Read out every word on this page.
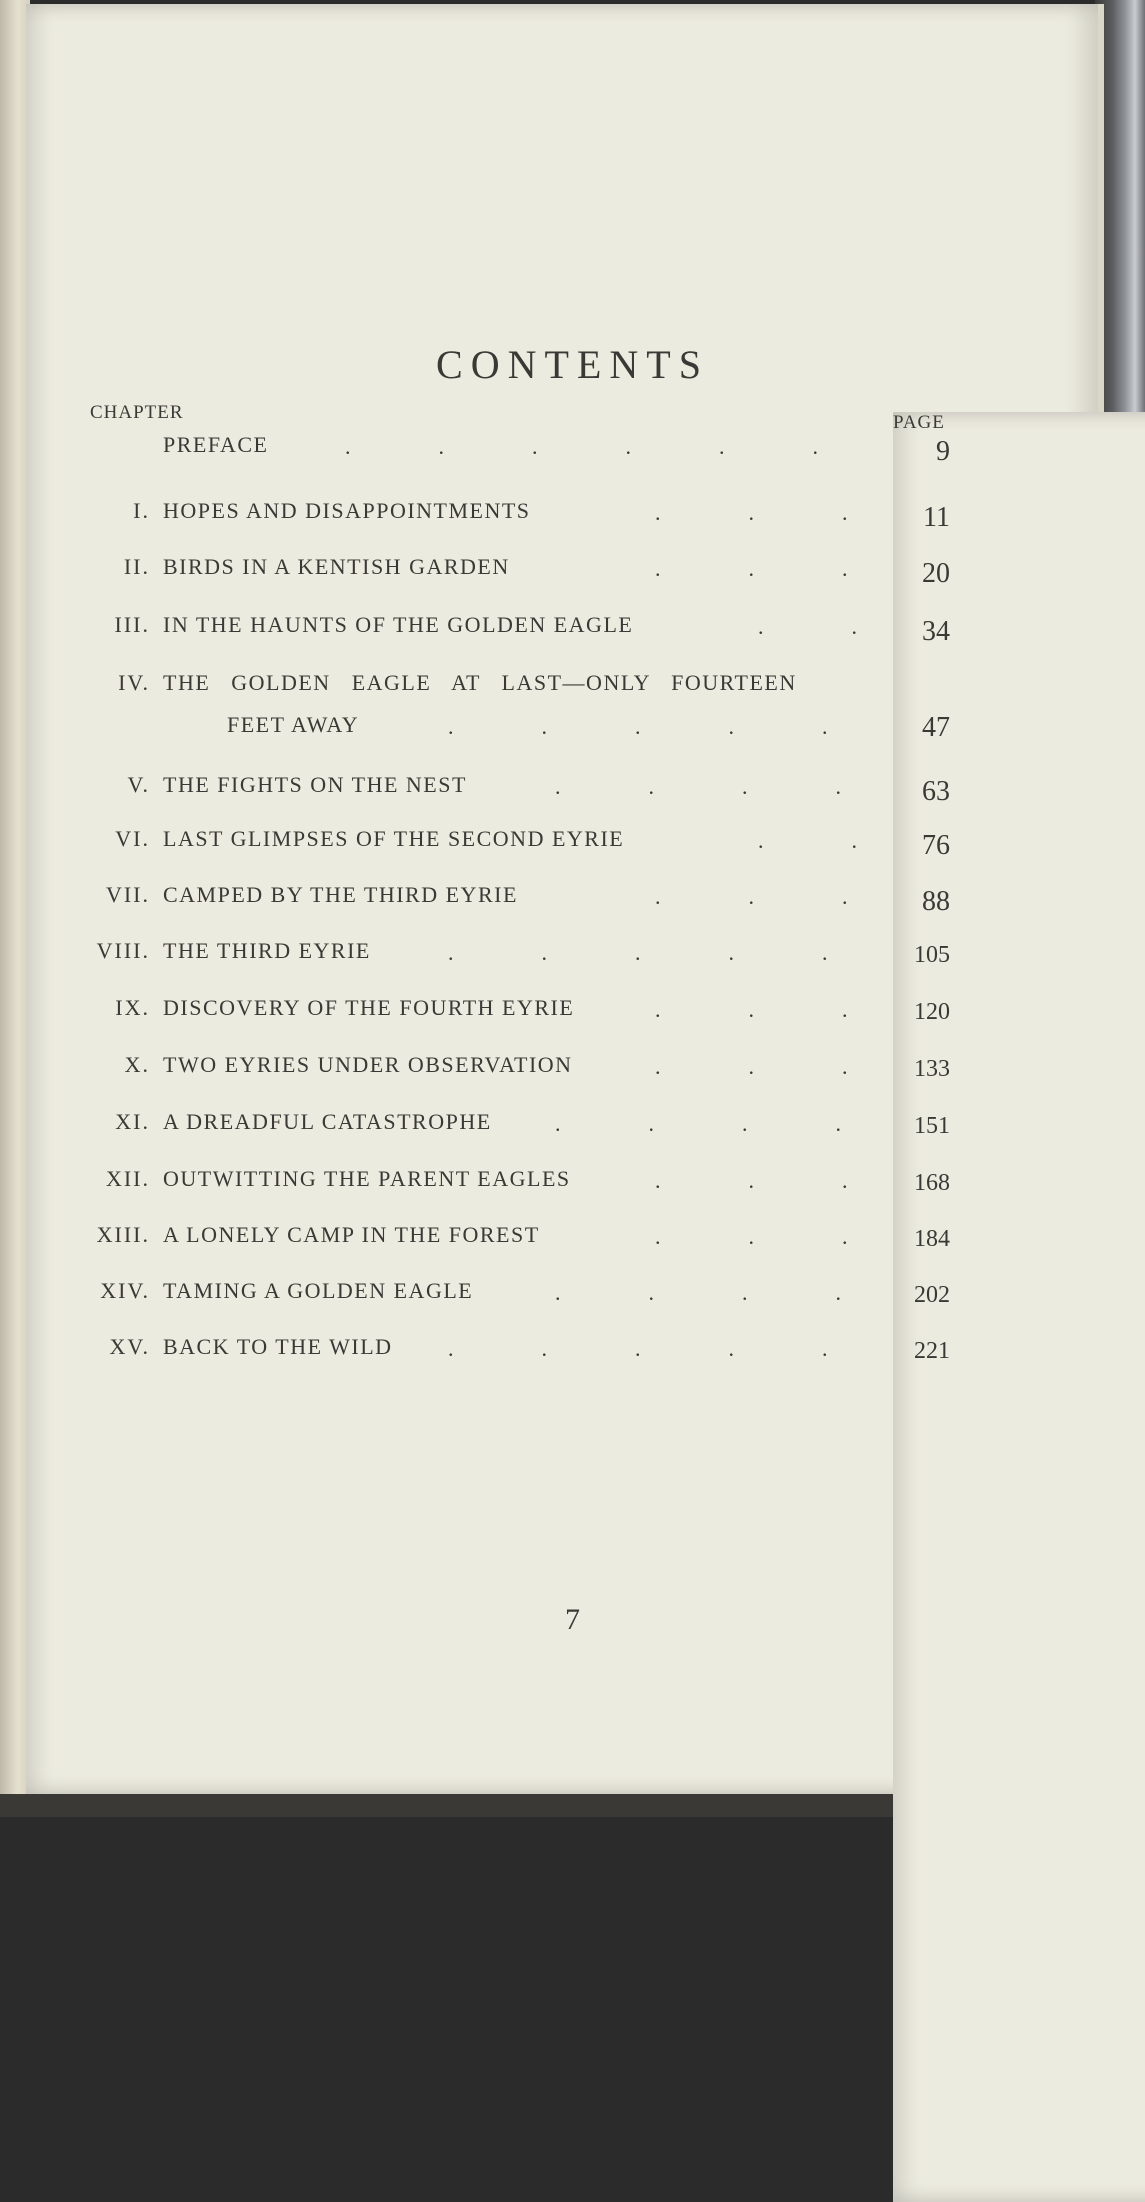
CONTENTS
CHAPTER	PAGE
PREFACE	.                .                .                .                .                .	9
I. HOPES AND DISAPPOINTMENTS	.                .                .	11
II. BIRDS IN A KENTISH GARDEN	.                .                .	20
III. IN THE HAUNTS OF THE GOLDEN EAGLE	.                . 34
IV. THE GOLDEN EAGLE AT LAST—ONLY FOURTEEN
FEET AWAY	.                .                .                .                .	47
V. THE FIGHTS ON THE NEST	.                .                .                .	63
VI. LAST GLIMPSES OF THE SECOND EYRIE	.                . 76
VII. CAMPED BY THE THIRD EYRIE	.                .                .	88
VIII. THE THIRD EYRIE	.                .                .                .                .	105
IX. DISCOVERY OF THE FOURTH EYRIE	.                .                .	120
X. TWO EYRIES UNDER OBSERVATION	.                .                .	133
XI. A DREADFUL CATASTROPHE	.                .                .                .	151
XII. OUTWITTING THE PARENT EAGLES	.                .                .	168
XIII. A LONELY CAMP IN THE FOREST	.                .                .	184
XIV. TAMING A GOLDEN EAGLE	.                .                .                .	202
XV. BACK TO THE WILD	.                .                .                .                .	221
7
